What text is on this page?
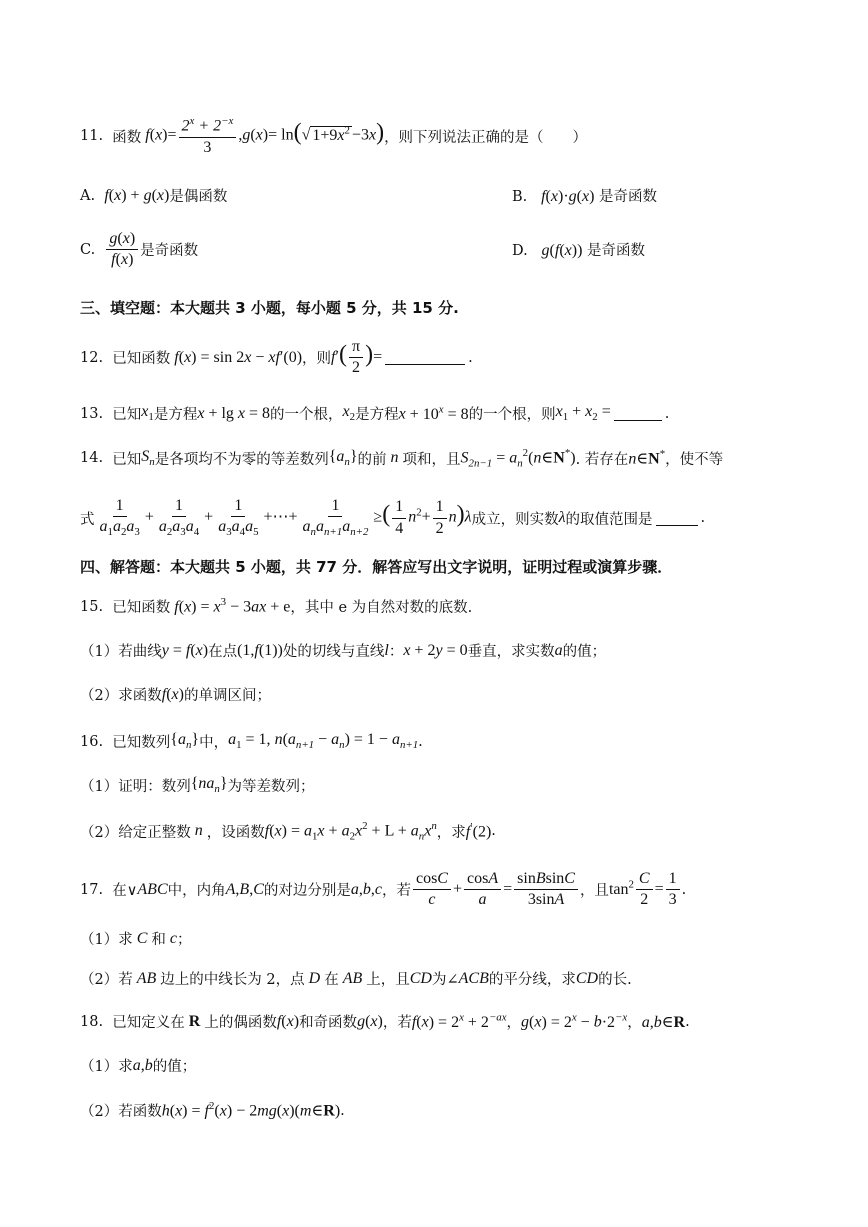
11.
函数 $f(x)= \frac{2^x + 2^{-x}}{3} ,g(x)= \ln(√$ $1+9x^2 -3x$) ，则下列说法正确的是（　　）
A.
f(x) + g(x) 是偶函数	B. f(x)·g(x) 是奇函数
C.
$\frac{g(x)}{f(x)}$ 是奇函数	D. g(f(x)) 是奇函数
三、填空题：本大题共 3 小题，每小题 5 分，共 15 分.
12.
已知函数 f(x) = sin 2x − xf′(0) ，则 $f'( \frac{\pi}{2}$ )=	.
13.
已知 $x_1$ 是方程 x + lg x = 8 的一个根， $x_2$ 是方程 $x + 10^x = 8$ 的一个根，则 $x_1 + x_2$ =	.
14.
已知 $S_n$ 是各项均不为零的等差数列 $\{a_n\}$ 的前 n 项和，且 $S_{2n-1}$ = $a_n^2(n\in N^*)$ . 若存在 n∈N* ，使不等
式 $\frac{1}{a_1a_2a_3} + \frac{1}{a_2a_3a_4} + \frac{1}{a_3a_4a_5}$ +⋯+ $\frac{1}{a_na_{n+1}a_{n+2}}$ ≥( $\frac{1}{4} n^2+ \frac{1}{2} n)\lambda$ 成立，则实数 λ 的取值范围是	.
四、解答题：本大题共 5 小题，共 77 分．解答应写出文字说明，证明过程或演算步骤．
15.
已知函数 $f(x) = x^3 - 3ax + e$ ，其中 e 为自然对数的底数.
（1） 若曲线 y = f(x) 在点 (1,f(1)) 处的切线与直线 l ： x + 2y = 0 垂直，求实数 a 的值；
（2） 求函数 f(x) 的单调区间；
16.
已知数列 $\{a_n\}$ 中， $a_1 = 1$, $n(a_{n+1} - a_n) = 1 - a_{n+1}$ .
（1） 证明：数列 $\{na_n\}$ 为等差数列；
（2） 给定正整数 n ，设函数 $f(x) = a_1x + a_2x^2 + L + a_nx^n$ ，求 f′(2) .
17.
在∨ ABC 中，内角 A,B,C 的对边分别是 a,b,c ，若 $\frac{\cos C}{c} + \frac{\cos A}{a} = \frac{\text{sinBsinC}}{3\sin A}$ ，且 $\tan^2 \frac{C}{2} = \frac{1}{3}$ .
（1） 求 C 和 c ；
（2） 若 AB 边上的中线长为 2，点 D 在 AB 上，且 CD 为∠ ACB 的平分线，求 CD 的长.
18.
已知定义在 R 上的偶函数 f(x) 和奇函数 g(x) ，若 $f(x) = 2^x + 2^{-ax}$ ， $g(x) = 2^x - b\cdot 2^{-x}$ ， a,b∈R .
（1） 求 a,b 的值；
（2） 若函数 $h(x) = f^2(x)$ − 2mg(x)(m∈R) .
